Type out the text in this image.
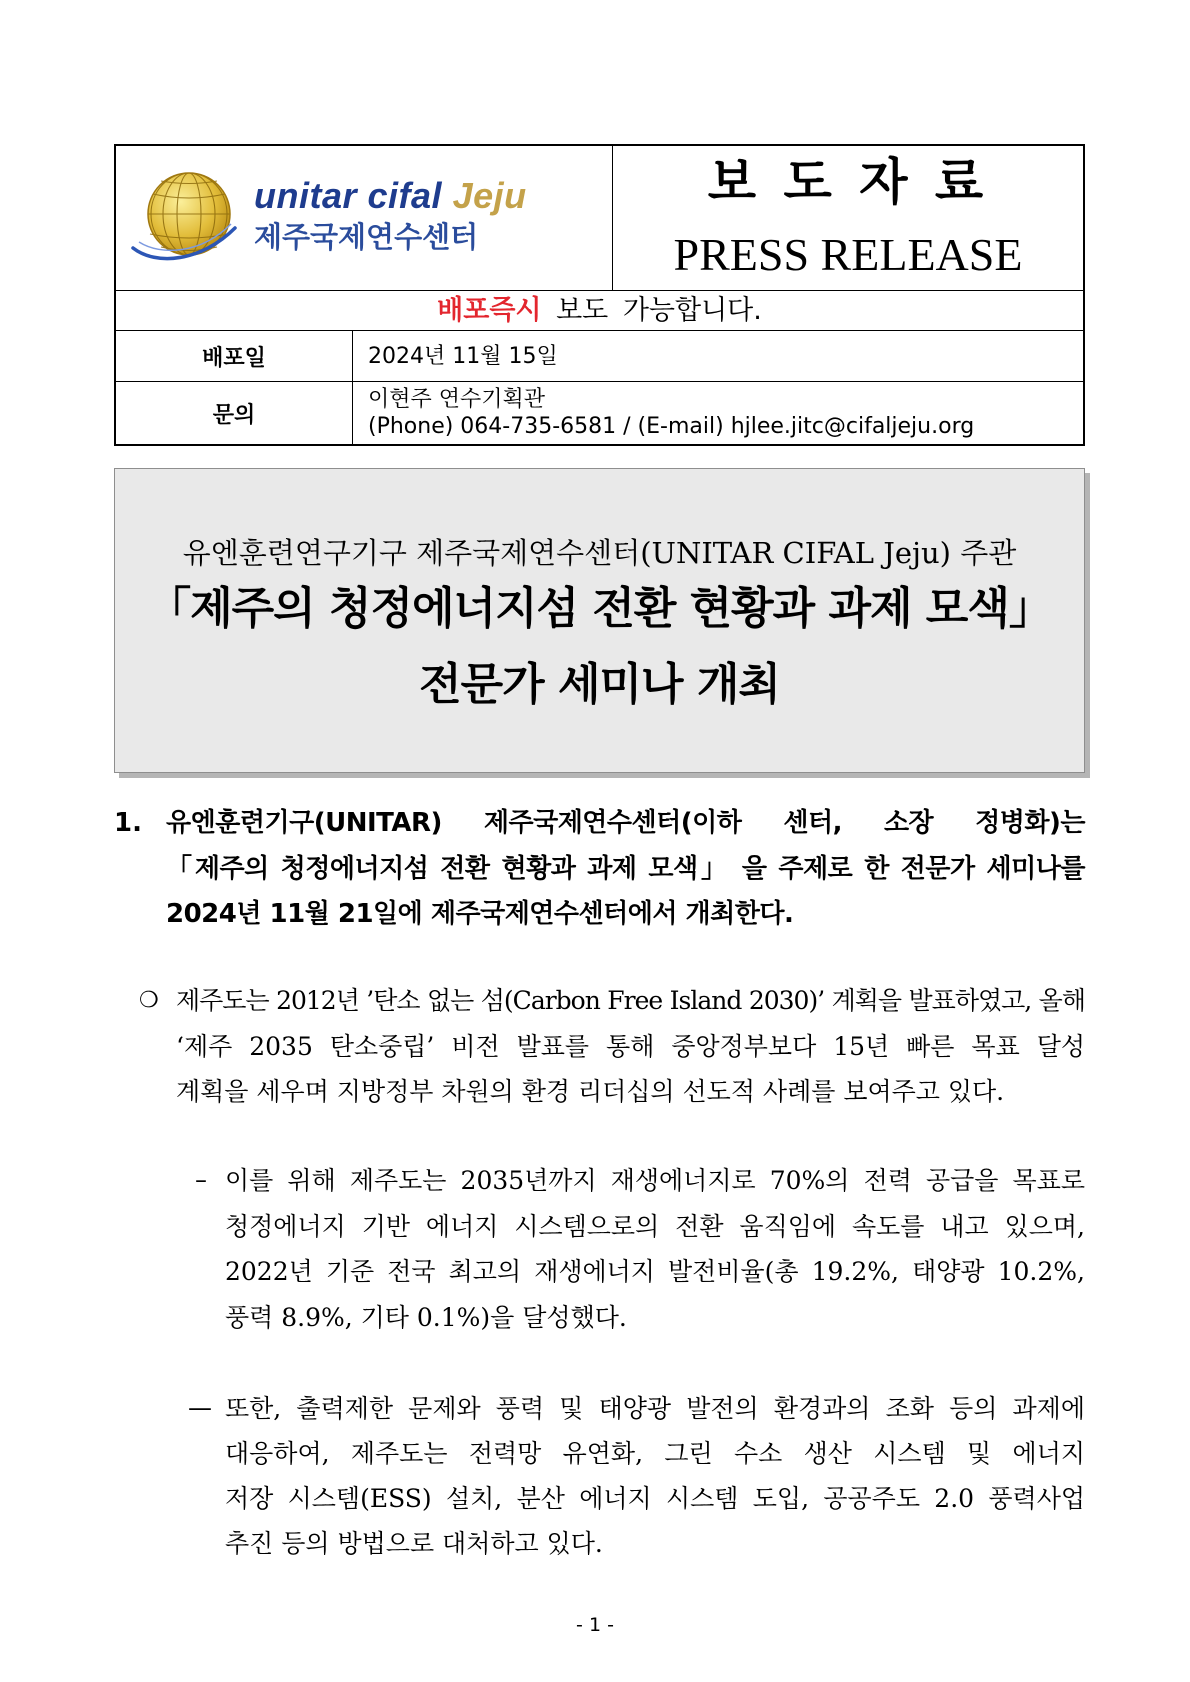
unitar cifal Jeju
제주국제연수센터
보 도 자 료
PRESS RELEASE
배포즉시 보도 가능합니다.
배포일	2024년 11월 15일
문의
이현주 연수기획관
(Phone) 064-735-6581 / (E-mail) hjlee.jitc@cifaljeju.org
유엔훈련연구기구 제주국제연수센터(UNITAR CIFAL Jeju) 주관
「제주의 청정에너지섬 전환 현황과 과제 모색」
전문가 세미나 개최
1. 유엔훈련기구(UNITAR) 제주국제연수센터(이하 센터, 소장 정병화)는
「제주의 청정에너지섬 전환 현황과 과제 모색」 을 주제로 한 전문가 세미나를
2024년 11월 21일에 제주국제연수센터에서 개최한다.
❍ 제주도는 2012년 ’탄소 없는 섬(Carbon Free Island 2030)’ 계획을 발표하였고, 올해
‘제주 2035 탄소중립’ 비전 발표를 통해 중앙정부보다 15년 빠른 목표 달성
계획을 세우며 지방정부 차원의 환경 리더십의 선도적 사례를 보여주고 있다.
– 이를 위해 제주도는 2035년까지 재생에너지로 70%의 전력 공급을 목표로
청정에너지 기반 에너지 시스템으로의 전환 움직임에 속도를 내고 있으며,
2022년 기준 전국 최고의 재생에너지 발전비율(총 19.2%, 태양광 10.2%,
풍력 8.9%, 기타 0.1%)을 달성했다.
— 또한, 출력제한 문제와 풍력 및 태양광 발전의 환경과의 조화 등의 과제에
대응하여, 제주도는 전력망 유연화, 그린 수소 생산 시스템 및 에너지
저장 시스템(ESS) 설치, 분산 에너지 시스템 도입, 공공주도 2.0 풍력사업
추진 등의 방법으로 대처하고 있다.
- 1 -
